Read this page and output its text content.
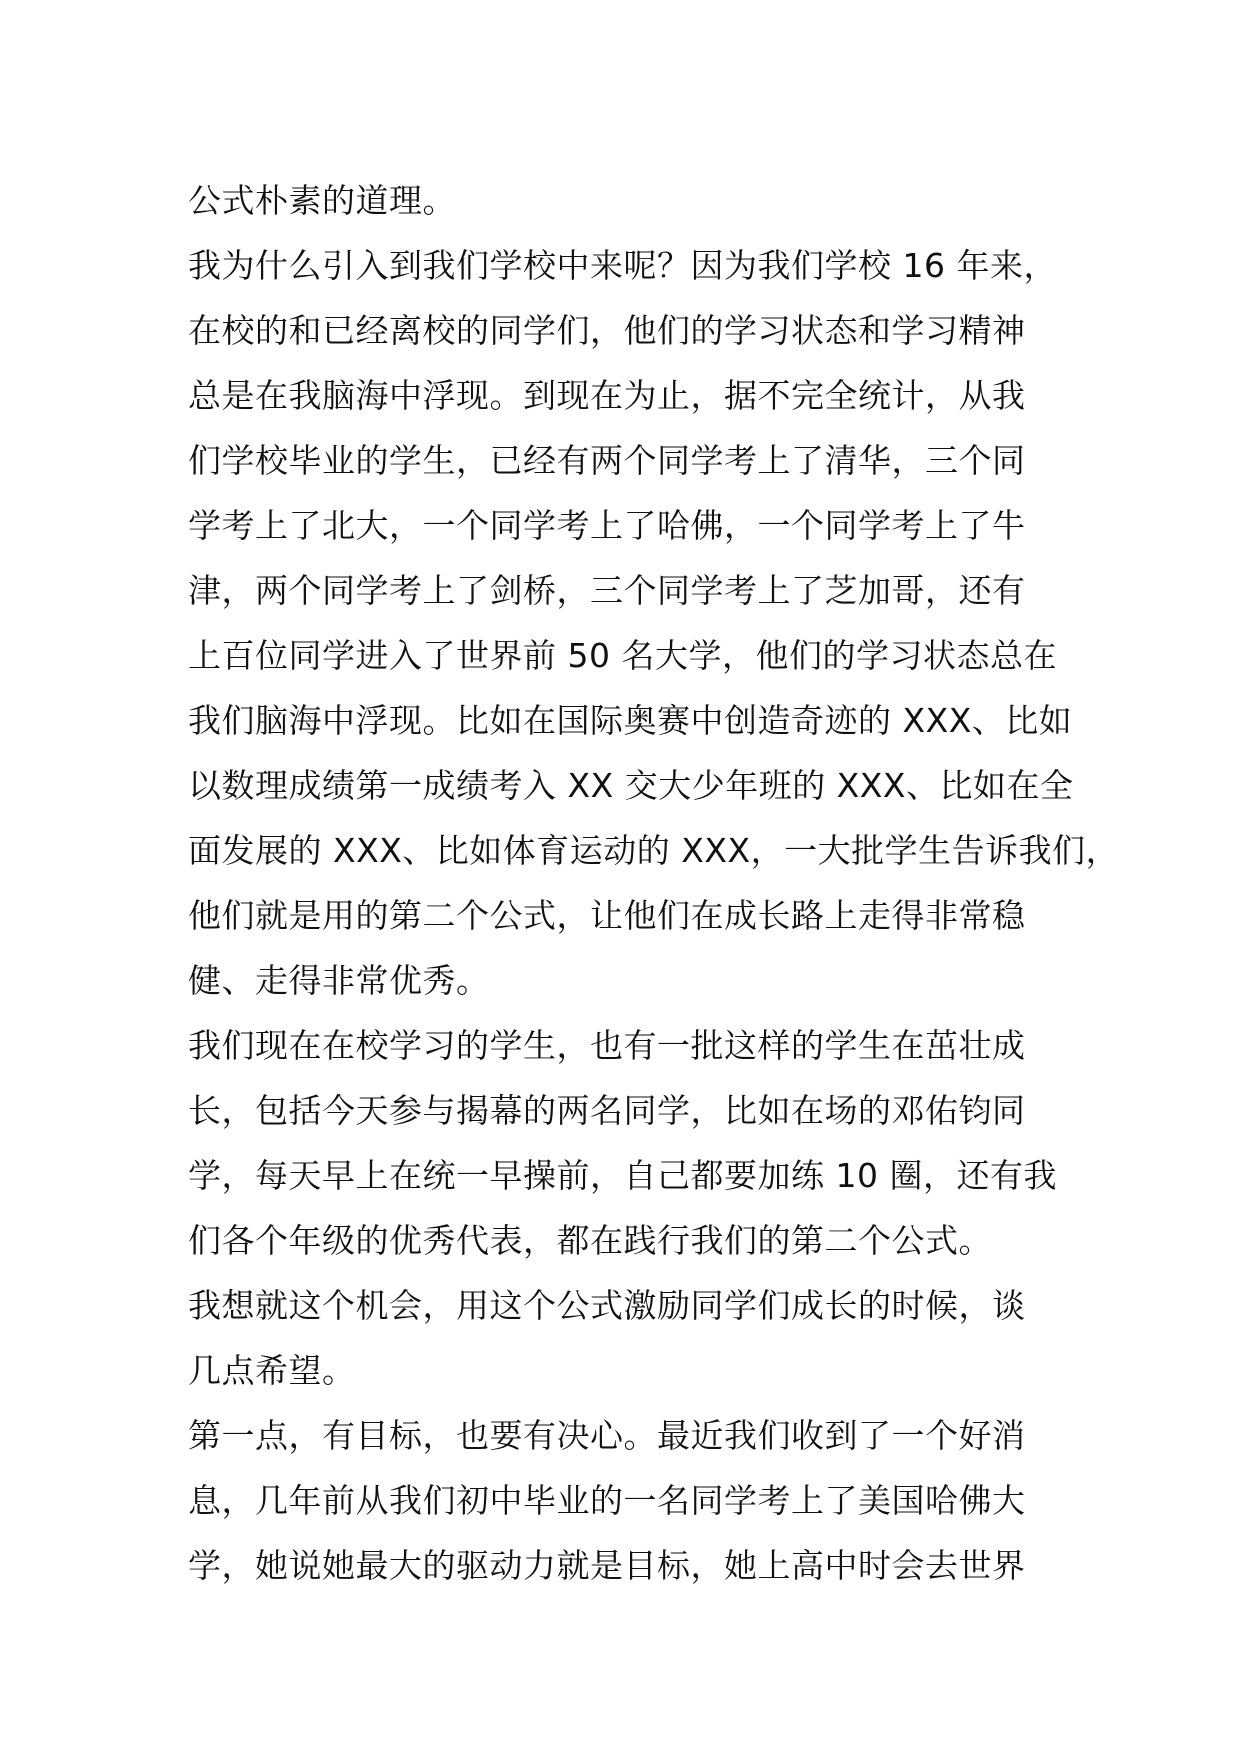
公式朴素的道理。
我为什么引入到我们学校中来呢？因为我们学校 16 年来，
在校的和已经离校的同学们，他们的学习状态和学习精神
总是在我脑海中浮现。到现在为止，据不完全统计，从我
们学校毕业的学生，已经有两个同学考上了清华，三个同
学考上了北大，一个同学考上了哈佛，一个同学考上了牛
津，两个同学考上了剑桥，三个同学考上了芝加哥，还有
上百位同学进入了世界前 50 名大学，他们的学习状态总在
我们脑海中浮现。比如在国际奥赛中创造奇迹的 XXX、比如
以数理成绩第一成绩考入 XX 交大少年班的 XXX、比如在全
面发展的 XXX、比如体育运动的 XXX，一大批学生告诉我们，
他们就是用的第二个公式，让他们在成长路上走得非常稳
健、走得非常优秀。
我们现在在校学习的学生，也有一批这样的学生在茁壮成
长，包括今天参与揭幕的两名同学，比如在场的邓佑钧同
学，每天早上在统一早操前，自己都要加练 10 圈，还有我
们各个年级的优秀代表，都在践行我们的第二个公式。
我想就这个机会，用这个公式激励同学们成长的时候，谈
几点希望。
第一点，有目标，也要有决心。最近我们收到了一个好消
息，几年前从我们初中毕业的一名同学考上了美国哈佛大
学，她说她最大的驱动力就是目标，她上高中时会去世界
